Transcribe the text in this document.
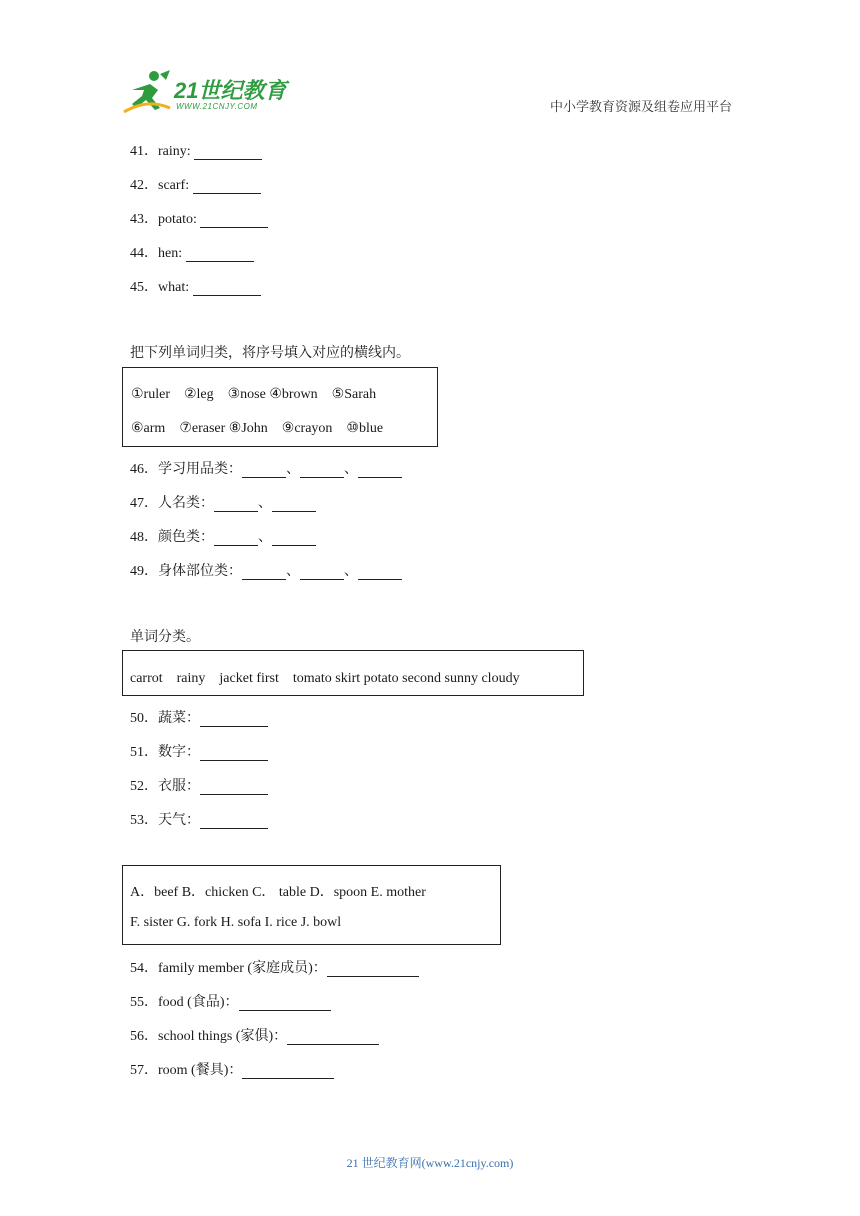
21世纪教育
WWW.21CNJY.COM	中小学教育资源及组卷应用平台
41．rainy:
42．scarf:
43．potato:
44．hen:
45．what:
把下列单词归类，将序号填入对应的横线内。
①ruler　②leg　③nose ④brown　⑤Sarah
⑥arm　⑦eraser ⑧John　⑨crayon　⑩blue
46．学习用品类：	、	、
47．人名类：	、
48．颜色类：	、
49．身体部位类：	、	、
单词分类。
carrot　rainy　jacket first　tomato skirt potato second sunny cloudy
50．蔬菜：
51．数字：
52．衣服：
53．天气：
A．beef B．chicken C． table D．spoon E. mother
F. sister G. fork H. sofa I. rice J. bowl
54．family member (家庭成员)：
55．food (食品)：
56．school things (家俱)：
57．room (餐具)：
21 世纪教育网(www.21cnjy.com)
